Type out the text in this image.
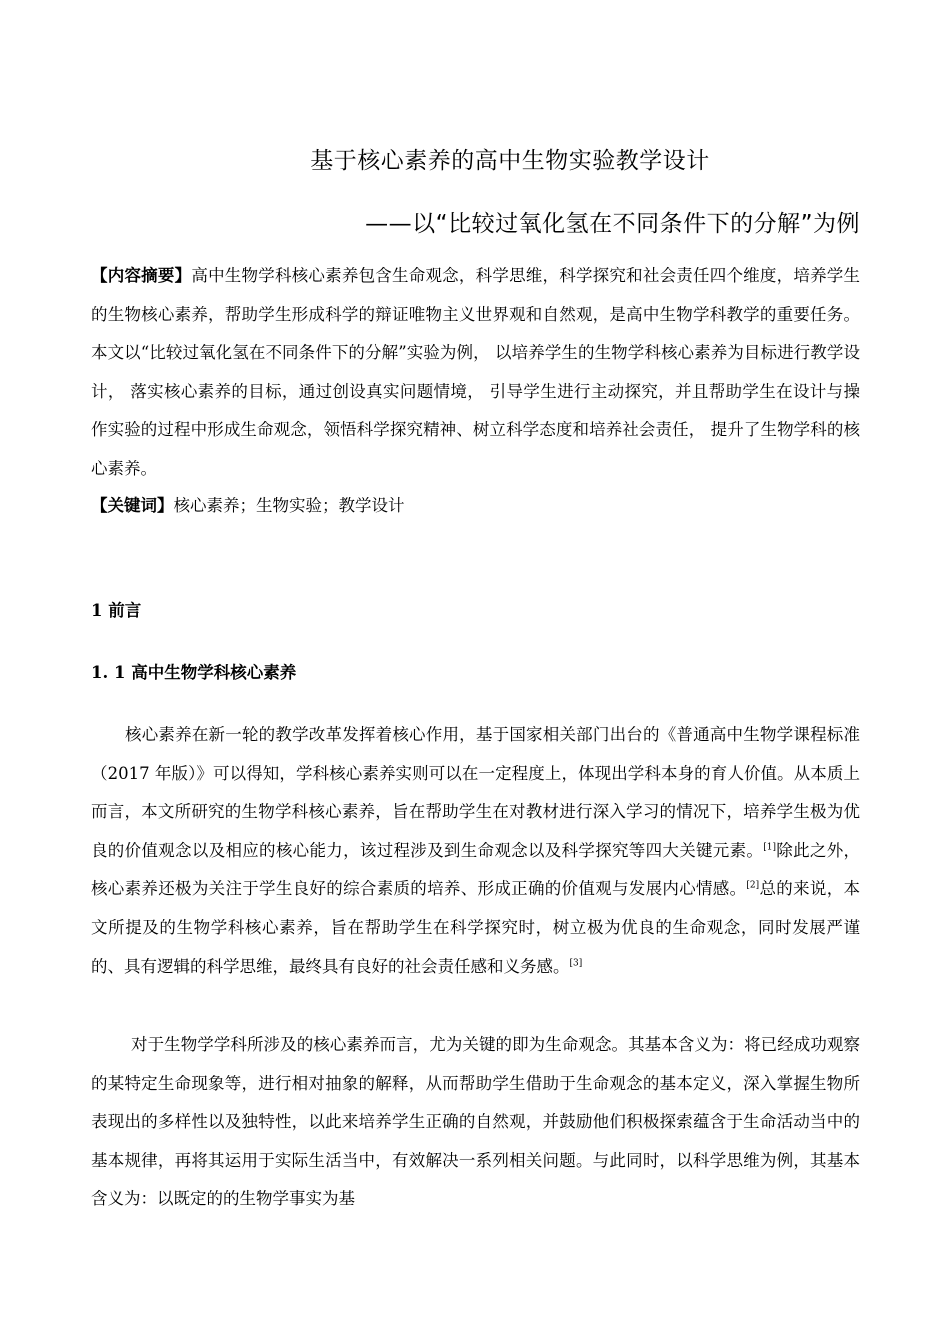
基于核心素养的高中生物实验教学设计
——以“比较过氧化氢在不同条件下的分解”为例
【内容摘要】高中生物学科核心素养包含生命观念，科学思维，科学探究和社会责任四个维度，培养学生的生物核心素养，帮助学生形成科学的辩证唯物主义世界观和自然观，是高中生物学科教学的重要任务。本文以“比较过氧化氢在不同条件下的分解”实验为例， 以培养学生的生物学科核心素养为目标进行教学设计， 落实核心素养的目标，通过创设真实问题情境， 引导学生进行主动探究，并且帮助学生在设计与操作实验的过程中形成生命观念，领悟科学探究精神、树立科学态度和培养社会责任， 提升了生物学科的核心素养。
【关键词】核心素养；生物实验；教学设计
1 前言
1. 1 高中生物学科核心素养
核心素养在新一轮的教学改革发挥着核心作用，基于国家相关部门出台的《普通高中生物学课程标准（2017 年版）》可以得知，学科核心素养实则可以在一定程度上，体现出学科本身的育人价值。从本质上而言，本文所研究的生物学科核心素养，旨在帮助学生在对教材进行深入学习的情况下，培养学生极为优良的价值观念以及相应的核心能力，该过程涉及到生命观念以及科学探究等四大关键元素。[1]除此之外，核心素养还极为关注于学生良好的综合素质的培养、形成正确的价值观与发展内心情感。[2]总的来说，本文所提及的生物学科核心素养，旨在帮助学生在科学探究时，树立极为优良的生命观念，同时发展严谨的、具有逻辑的科学思维，最终具有良好的社会责任感和义务感。[3]
对于生物学学科所涉及的核心素养而言，尤为关键的即为生命观念。其基本含义为：将已经成功观察的某特定生命现象等，进行相对抽象的解释，从而帮助学生借助于生命观念的基本定义，深入掌握生物所表现出的多样性以及独特性，以此来培养学生正确的自然观，并鼓励他们积极探索蕴含于生命活动当中的基本规律，再将其运用于实际生活当中，有效解决一系列相关问题。与此同时，以科学思维为例，其基本含义为：以既定的的生物学事实为基
